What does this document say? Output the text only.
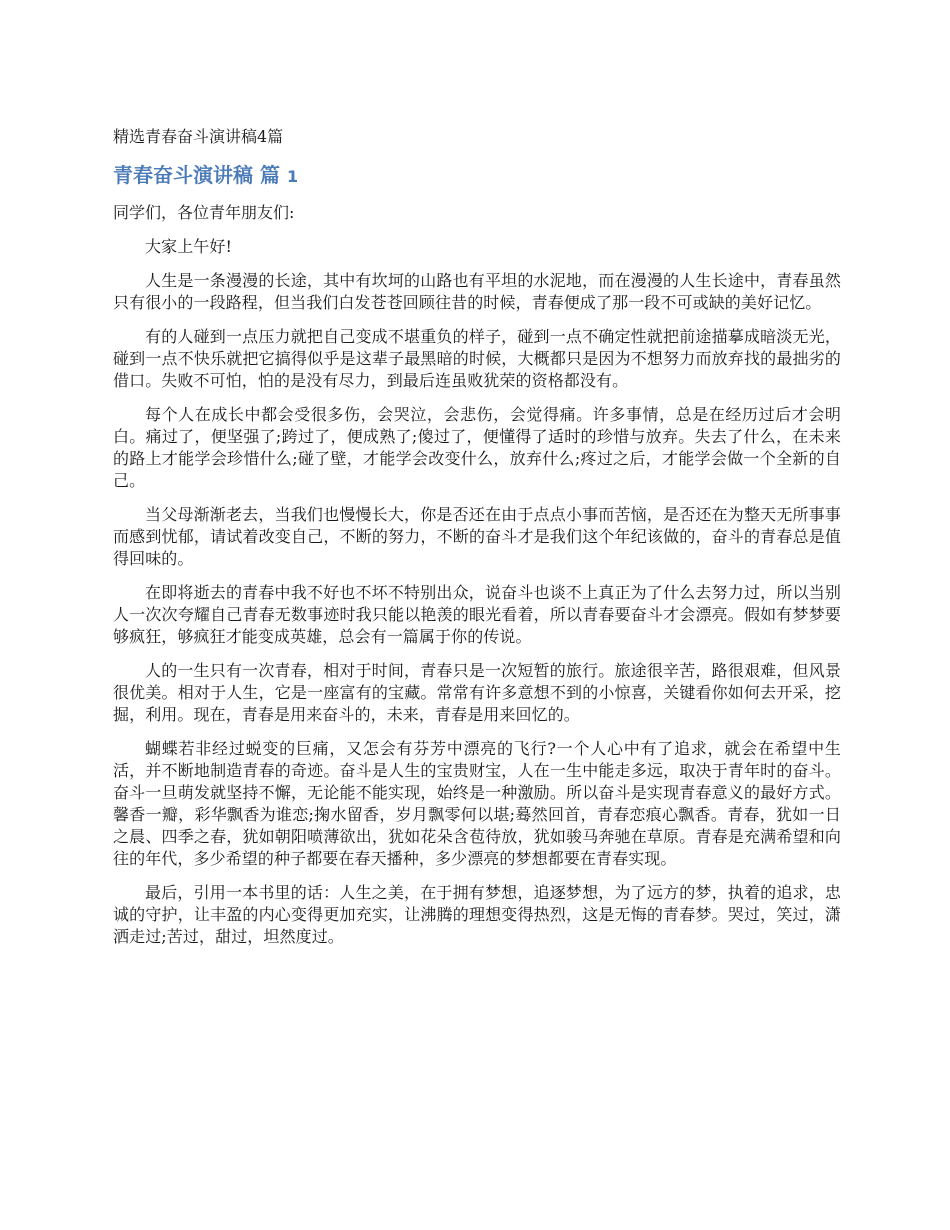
精选青春奋斗演讲稿4篇

青春奋斗演讲稿 篇 1

同学们，各位青年朋友们:

大家上午好!

人生是一条漫漫的长途，其中有坎坷的山路也有平坦的水泥地，而在漫漫的人生长途中，青春虽然只有很小的一段路程，但当我们白发苍苍回顾往昔的时候，青春便成了那一段不可或缺的美好记忆。

有的人碰到一点压力就把自己变成不堪重负的样子，碰到一点不确定性就把前途描摹成暗淡无光，碰到一点不快乐就把它搞得似乎是这辈子最黑暗的时候，大概都只是因为不想努力而放弃找的最拙劣的借口。失败不可怕，怕的是没有尽力，到最后连虽败犹荣的资格都没有。

每个人在成长中都会受很多伤，会哭泣，会悲伤，会觉得痛。许多事情，总是在经历过后才会明白。痛过了，便坚强了;跨过了，便成熟了;傻过了，便懂得了适时的珍惜与放弃。失去了什么，在未来的路上才能学会珍惜什么;碰了壁，才能学会改变什么，放弃什么;疼过之后，才能学会做一个全新的自己。

当父母渐渐老去，当我们也慢慢长大，你是否还在由于点点小事而苦恼，是否还在为整天无所事事而感到忧郁，请试着改变自己，不断的努力，不断的奋斗才是我们这个年纪该做的，奋斗的青春总是值得回味的。

在即将逝去的青春中我不好也不坏不特别出众，说奋斗也谈不上真正为了什么去努力过，所以当别人一次次夸耀自己青春无数事迹时我只能以艳羡的眼光看着，所以青春要奋斗才会漂亮。假如有梦梦要够疯狂，够疯狂才能变成英雄，总会有一篇属于你的传说。

人的一生只有一次青春，相对于时间，青春只是一次短暂的旅行。旅途很辛苦，路很艰难，但风景很优美。相对于人生，它是一座富有的宝藏。常常有许多意想不到的小惊喜，关键看你如何去开采，挖掘，利用。现在，青春是用来奋斗的，未来，青春是用来回忆的。

蝴蝶若非经过蜕变的巨痛，又怎会有芬芳中漂亮的飞行?一个人心中有了追求，就会在希望中生活，并不断地制造青春的奇迹。奋斗是人生的宝贵财宝，人在一生中能走多远，取决于青年时的奋斗。奋斗一旦萌发就坚持不懈，无论能不能实现，始终是一种激励。所以奋斗是实现青春意义的最好方式。馨香一瓣，彩华飘香为谁恋;掬水留香，岁月飘零何以堪;蓦然回首，青春恋痕心飘香。青春，犹如一日之晨、四季之春，犹如朝阳喷薄欲出，犹如花朵含苞待放，犹如骏马奔驰在草原。青春是充满希望和向往的年代，多少希望的种子都要在春天播种，多少漂亮的梦想都要在青春实现。

最后，引用一本书里的话：人生之美，在于拥有梦想，追逐梦想，为了远方的梦，执着的追求，忠诚的守护，让丰盈的内心变得更加充实，让沸腾的理想变得热烈，这是无悔的青春梦。哭过，笑过，潇洒走过;苦过，甜过，坦然度过。
